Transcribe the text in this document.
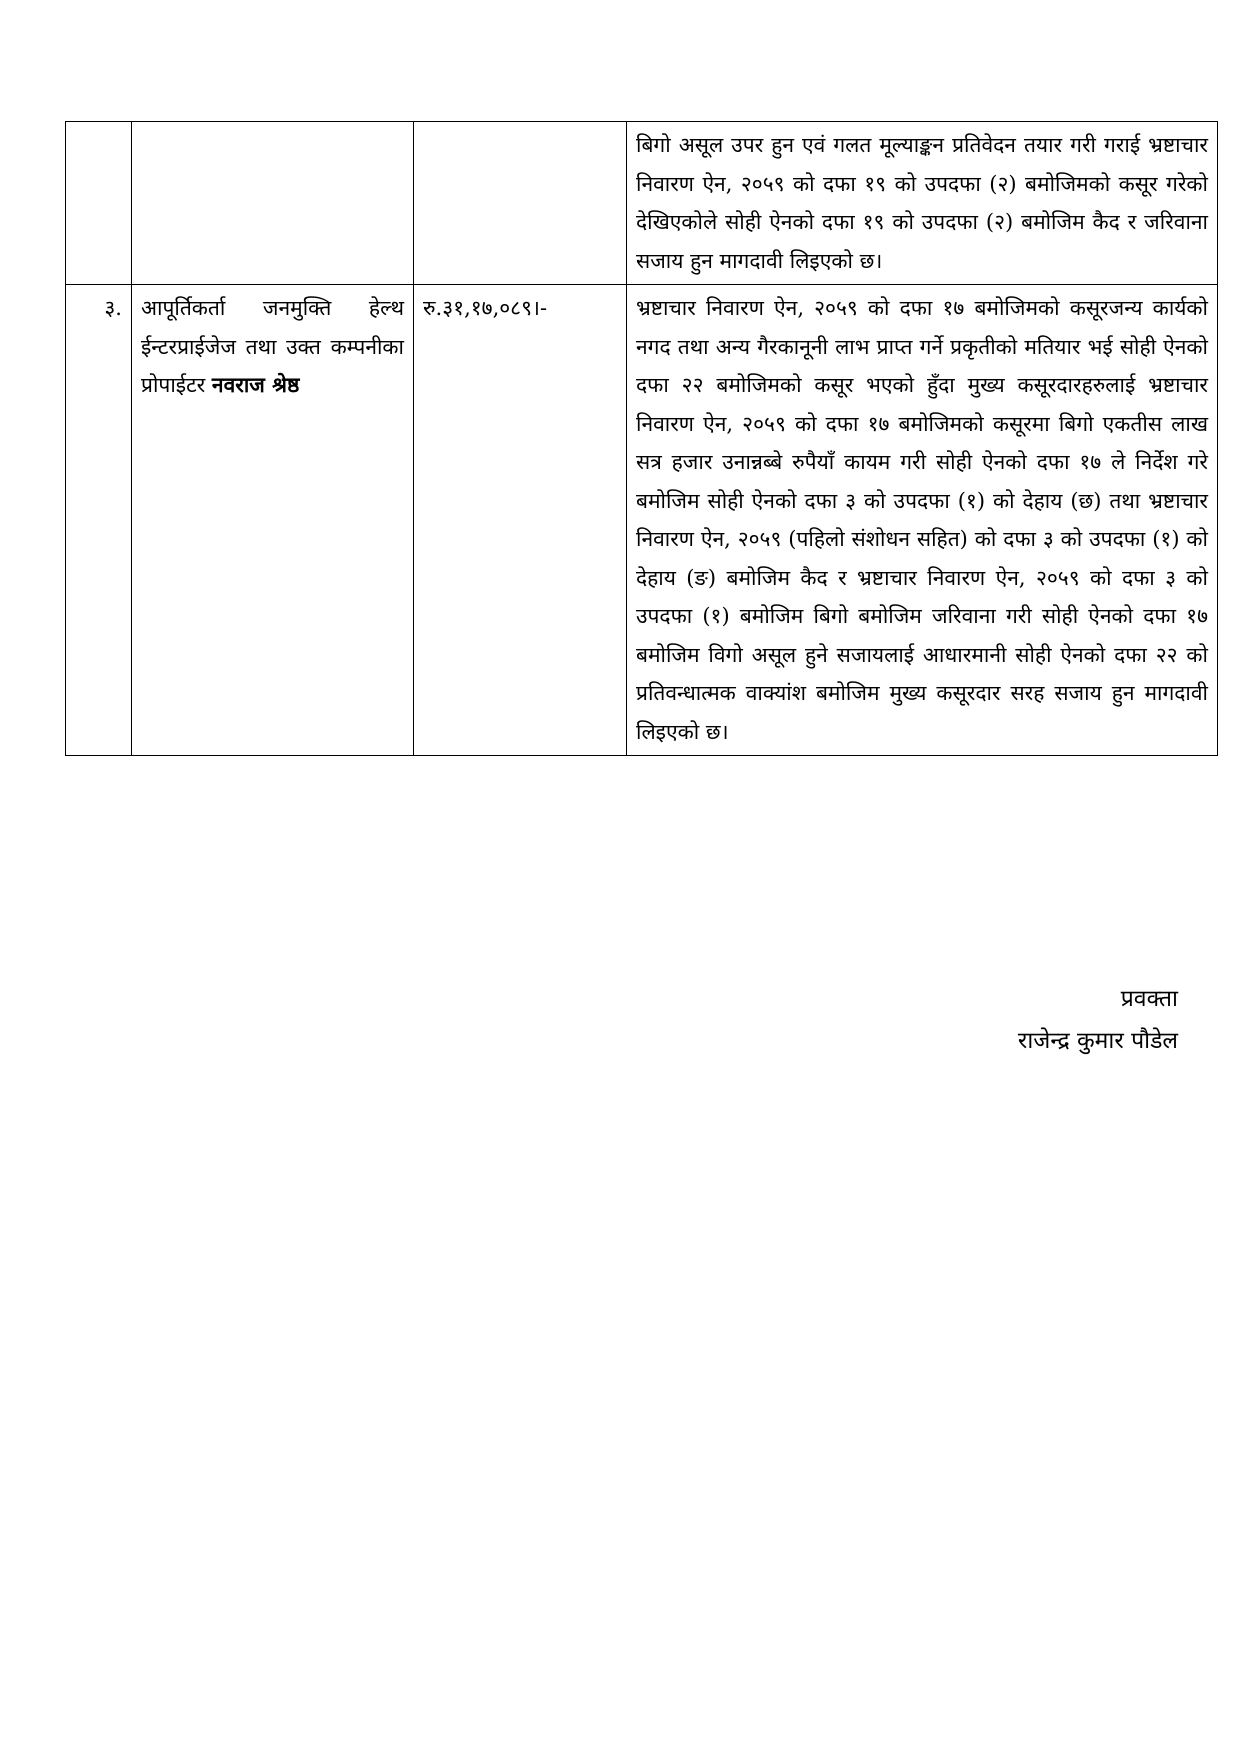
			बिगो असूल उपर हुन एवं गलत मूल्याङ्कन प्रतिवेदन तयार गरी गराई भ्रष्टाचार निवारण ऐन, २०५९ को दफा १९ को उपदफा (२) बमोजिमको कसूर गरेको देखिएकोले सोही ऐनको दफा १९ को उपदफा (२) बमोजिम कैद र जरिवाना सजाय हुन मागदावी लिइएको छ।
३.	आपूर्तिकर्ता जनमुक्ति हेल्थ ईन्टरप्राईजेज तथा उक्त कम्पनीका प्रोपाईटर नवराज श्रेष्ठ	रु.३१,१७,०८९।-	भ्रष्टाचार निवारण ऐन, २०५९ को दफा १७ बमोजिमको कसूरजन्य कार्यको नगद तथा अन्य गैरकानूनी लाभ प्राप्त गर्ने प्रकृतीको मतियार भई सोही ऐनको दफा २२ बमोजिमको कसूर भएको हुँदा मुख्य कसूरदारहरुलाई भ्रष्टाचार निवारण ऐन, २०५९ को दफा १७ बमोजिमको कसूरमा बिगो एकतीस लाख सत्र हजार उनान्नब्बे रुपैयाँ कायम गरी सोही ऐनको दफा १७ ले निर्देश गरे बमोजिम सोही ऐनको दफा ३ को उपदफा (१) को देहाय (छ) तथा भ्रष्टाचार निवारण ऐन, २०५९ (पहिलो संशोधन सहित) को दफा ३ को उपदफा (१) को देहाय (ङ) बमोजिम कैद र भ्रष्टाचार निवारण ऐन, २०५९ को दफा ३ को उपदफा (१) बमोजिम बिगो बमोजिम जरिवाना गरी सोही ऐनको दफा १७ बमोजिम विगो असूल हुने सजायलाई आधारमानी सोही ऐनको दफा २२ को प्रतिवन्धात्मक वाक्यांश बमोजिम मुख्य कसूरदार सरह सजाय हुन मागदावी लिइएको छ।
प्रवक्ता
राजेन्द्र कुमार पौडेल
